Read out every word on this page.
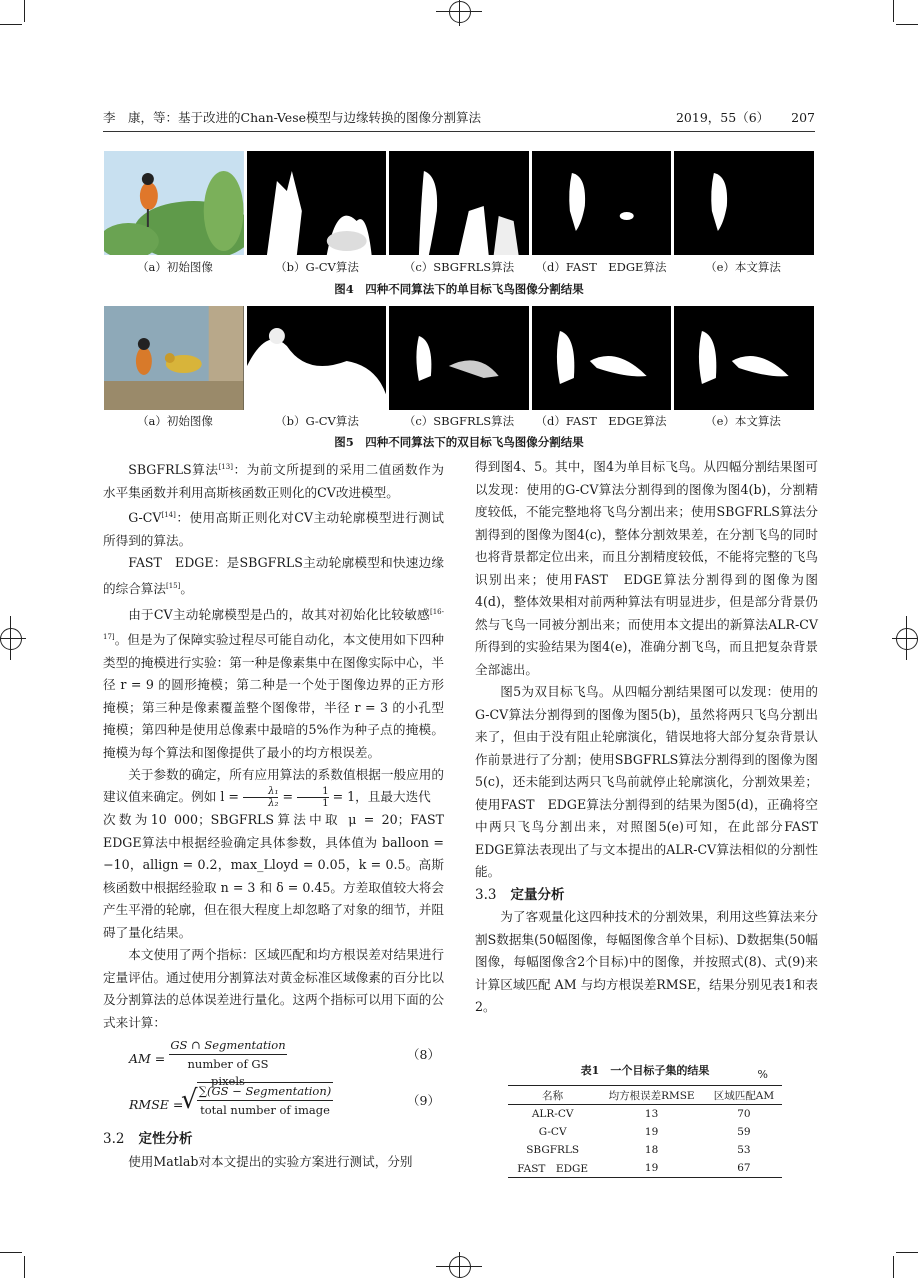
李　康，等：基于改进的Chan-Vese模型与边缘转换的图像分割算法	2019，55（6） 207
（a）初始图像	（b）G-CV算法	（c）SBGFRLS算法	（d）FAST　EDGE算法	（e）本文算法
图4　四种不同算法下的单目标飞鸟图像分割结果
（a）初始图像	（b）G-CV算法	（c）SBGFRLS算法	（d）FAST　EDGE算法	（e）本文算法
图5　四种不同算法下的双目标飞鸟图像分割结果

SBGFRLS算法[13]：为前文所提到的采用二值函数作为水平集函数并利用高斯核函数正则化的CV改进模型。

G-CV[14]：使用高斯正则化对CV主动轮廓模型进行测试所得到的算法。

FAST　EDGE：是SBGFRLS主动轮廓模型和快速边缘的综合算法[15]。

由于CV主动轮廓模型是凸的，故其对初始化比较敏感[16-17]。但是为了保障实验过程尽可能自动化，本文使用如下四种类型的掩模进行实验：第一种是像素集中在图像实际中心，半径 r = 9 的圆形掩模；第二种是一个处于图像边界的正方形掩模；第三种是像素覆盖整个图像带，半径 r = 3 的小孔型掩模；第四种是使用总像素中最暗的5%作为种子点的掩模。掩模为每个算法和图像提供了最小的均方根误差。

关于参数的确定，所有应用算法的系数值根据一般应用的建议值来确定。例如 $l = \frac{\text{λ₁}}{\text{λ₂}} = \frac{1}{1} = 1$，且最大迭代

次数为10 000；SBGFRLS算法中取 μ = 20；FAST　EDGE算法中根据经验确定具体参数，具体值为 balloon = −10，allign = 0.2，max_Lloyd = 0.05，k = 0.5。高斯核函数中根据经验取 n = 3 和 δ = 0.45。方差取值较大将会产生平滑的轮廓，但在很大程度上却忽略了对象的细节，并阻碍了量化结果。

本文使用了两个指标：区域匹配和均方根误差对结果进行定量评估。通过使用分割算法对黄金标准区域像素的百分比以及分割算法的总体误差进行量化。这两个指标可以用下面的公式来计算：

AM =
GS ∩ Segmentation
number of GS pixels
（8）
RMSE =
√ ∑(GS − Segmentation)
total number of image
（9）
3.2 定性分析

使用Matlab对本文提出的实验方案进行测试，分别

得到图4、5。其中，图4为单目标飞鸟。从四幅分割结果图可以发现：使用的G-CV算法分割得到的图像为图4(b)，分割精度较低，不能完整地将飞鸟分割出来；使用SBGFRLS算法分割得到的图像为图4(c)，整体分割效果差，在分割飞鸟的同时也将背景都定位出来，而且分割精度较低，不能将完整的飞鸟识别出来；使用FAST　EDGE算法分割得到的图像为图4(d)，整体效果相对前两种算法有明显进步，但是部分背景仍然与飞鸟一同被分割出来；而使用本文提出的新算法ALR-CV所得到的实验结果为图4(e)，准确分割飞鸟，而且把复杂背景全部滤出。

图5为双目标飞鸟。从四幅分割结果图可以发现：使用的G-CV算法分割得到的图像为图5(b)，虽然将两只飞鸟分割出来了，但由于没有阻止轮廓演化，错误地将大部分复杂背景认作前景进行了分割；使用SBGFRLS算法分割得到的图像为图5(c)，还未能到达两只飞鸟前就停止轮廓演化，分割效果差；使用FAST　EDGE算法分割得到的结果为图5(d)，正确将空中两只飞鸟分割出来，对照图5(e)可知，在此部分FAST　EDGE算法表现出了与文本提出的ALR-CV算法相似的分割性能。

3.3 定量分析

为了客观量化这四种技术的分割效果，利用这些算法来分割S数据集(50幅图像，每幅图像含单个目标)、D数据集(50幅图像，每幅图像含2个目标)中的图像，并按照式(8)、式(9)来计算区域匹配 AM 与均方根误差RMSE，结果分别见表1和表2。

表1　一个目标子集的结果	%
名称	均方根误差RMSE	区域匹配AM
ALR-CV	13	70
G-CV	19	59
SBGFRLS	18	53
FAST　EDGE	19	67
